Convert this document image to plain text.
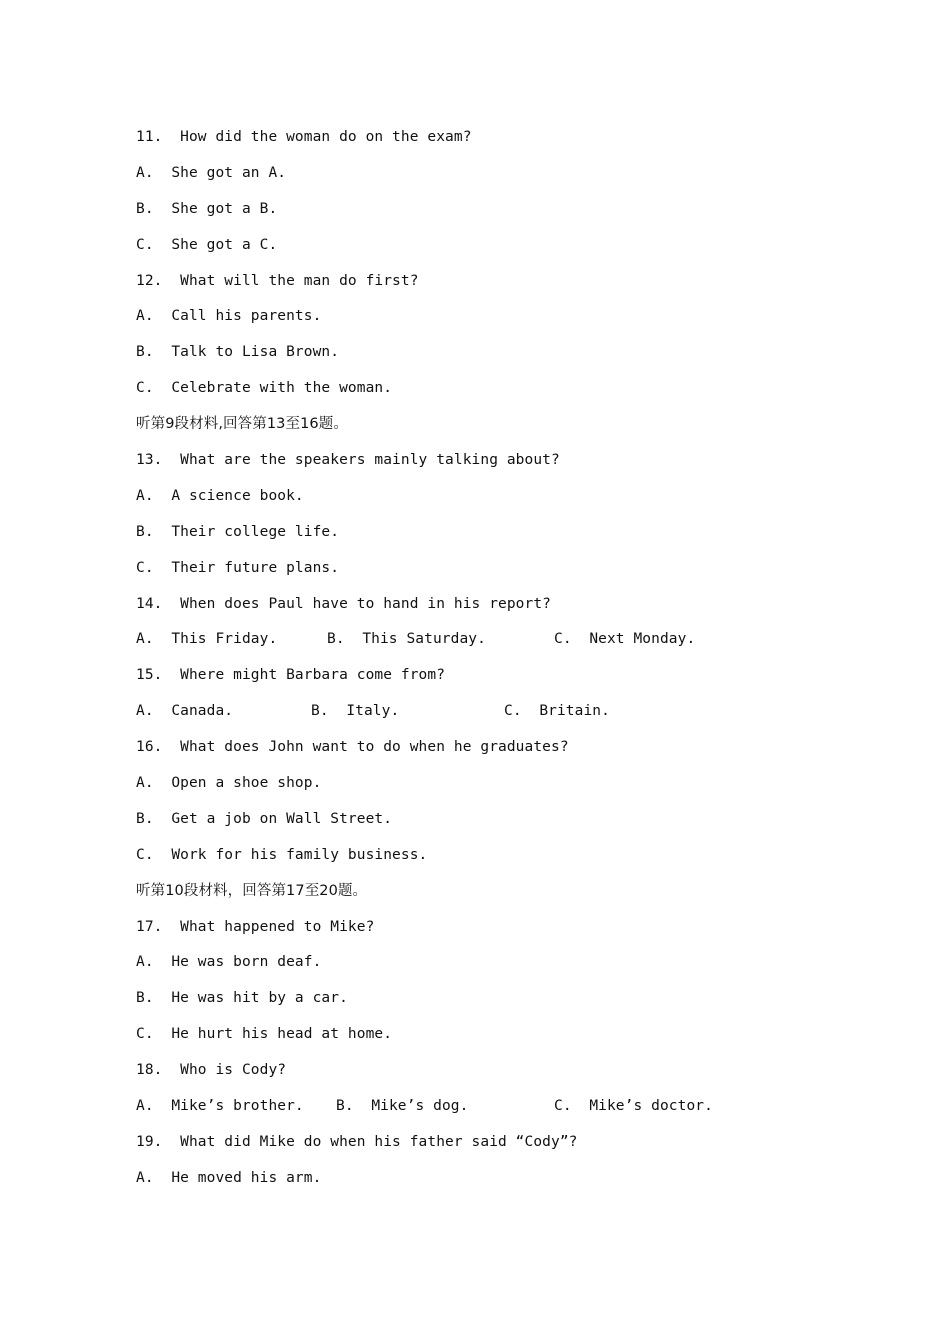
11.  How did the woman do on the exam?
A.  She got an A.
B.  She got a B.
C.  She got a C.
12.  What will the man do first?
A.  Call his parents.
B.  Talk to Lisa Brown.
C.  Celebrate with the woman.
听第9段材料,回答第13至16题。
13.  What are the speakers mainly talking about?
A.  A science book.
B.  Their college life.
C.  Their future plans.
14.  When does Paul have to hand in his report?

A.  This Friday.

	B.  This Saturday.

	C.  Next Monday.

15.  Where might Barbara come from?

A.  Canada.

	B.  Italy.

	C.  Britain.

16.  What does John want to do when he graduates?
A.  Open a shoe shop.
B.  Get a job on Wall Street.
C.  Work for his family business.
听第10段材料，回答第17至20题。
17.  What happened to Mike?
A.  He was born deaf.
B.  He was hit by a car.
C.  He hurt his head at home.
18.  Who is Cody?

A.  Mike’s brother.

B.  Mike’s dog.

	C.  Mike’s doctor.

19.  What did Mike do when his father said “Cody”?
A.  He moved his arm.
